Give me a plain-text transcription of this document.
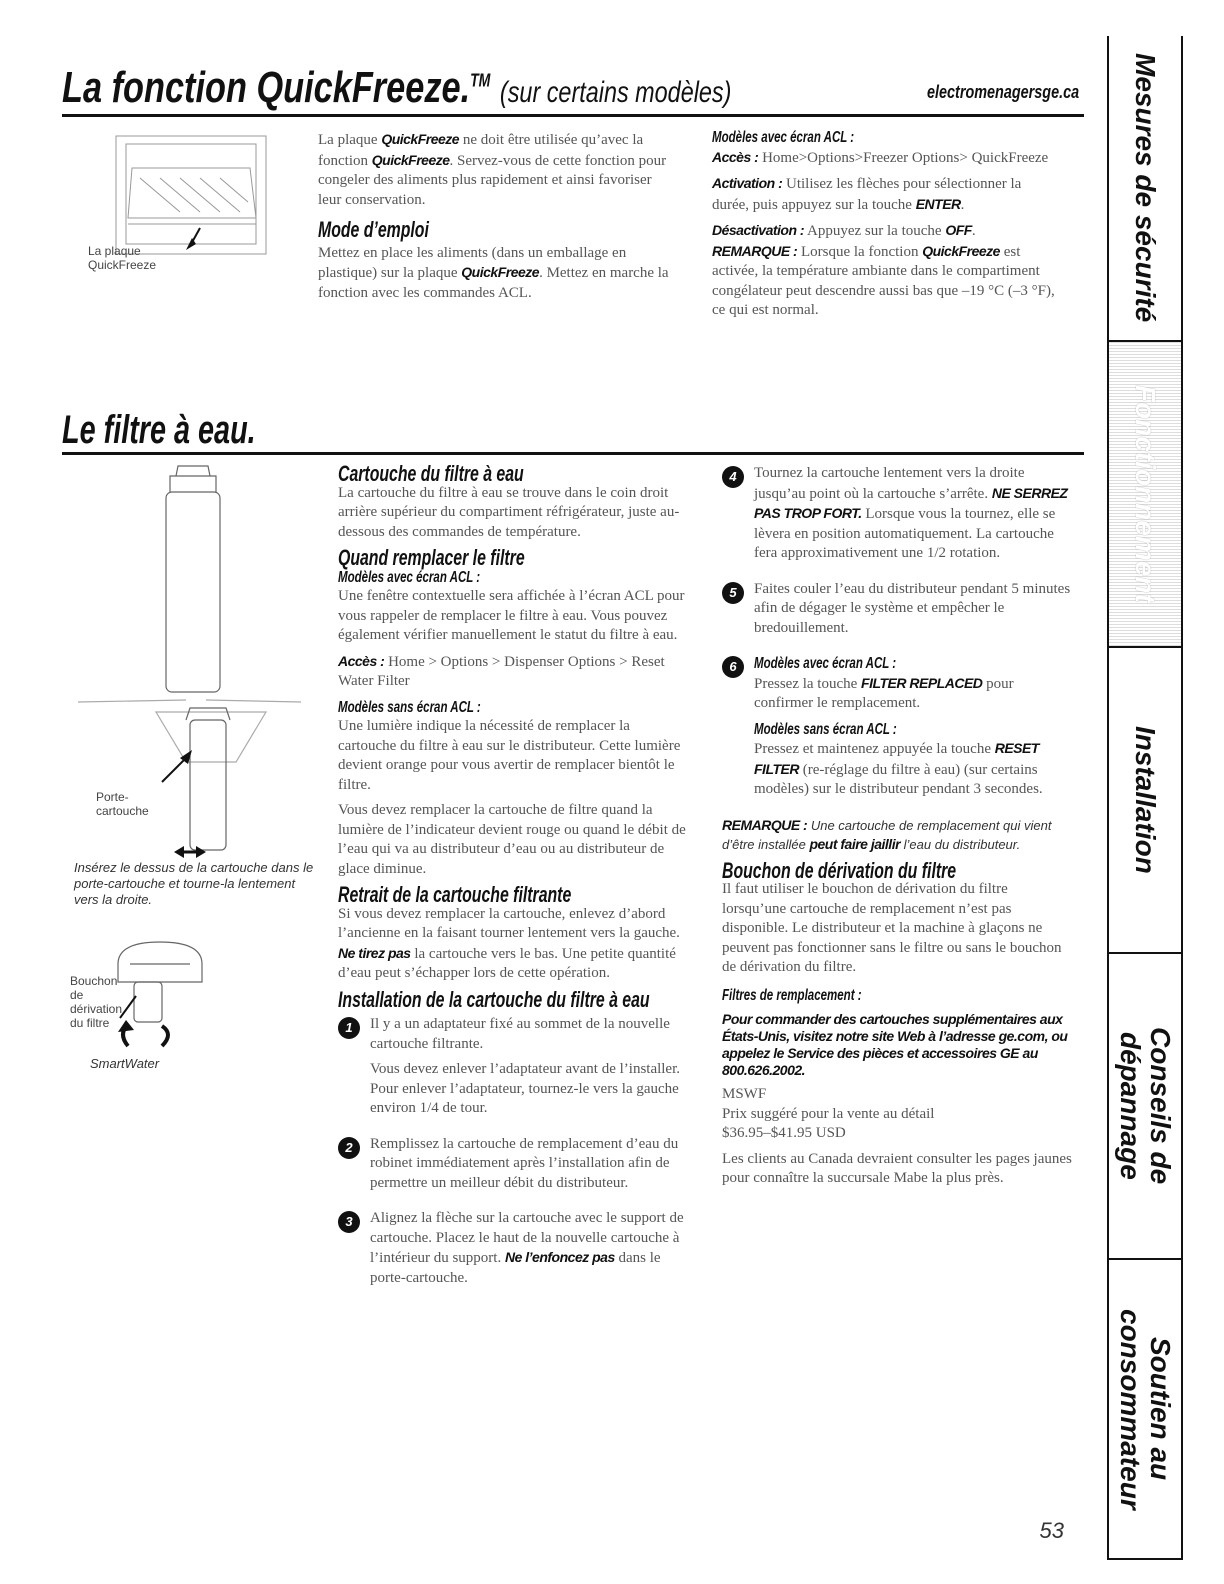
La fonction QuickFreeze.™ (sur certains modèles)	electromenagersge.ca
La plaque
QuickFreeze

La plaque QuickFreeze ne doit être utilisée qu’avec la fonction QuickFreeze. Servez-vous de cette fonction pour congeler des aliments plus rapidement et ainsi favoriser leur conservation.

Mode d’emploi

Mettez en place les aliments (dans un emballage en plastique) sur la plaque QuickFreeze. Mettez en marche la fonction avec les commandes ACL.

Modèles avec écran ACL :

Accès : Home>Options>Freezer Options> QuickFreeze

Activation : Utilisez les flèches pour sélectionner la durée, puis appuyez sur la touche ENTER.

Désactivation : Appuyez sur la touche OFF.

REMARQUE : Lorsque la fonction QuickFreeze est activée, la température ambiante dans le compartiment congélateur peut descendre aussi bas que –19 °C (–3 °F), ce qui est normal.

Le filtre à eau.
Porte-
cartouche
Insérez le dessus de la cartouche dans le porte-cartouche et tourne-la lentement vers la droite.
Bouchon
de
dérivation
du filtre
SmartWater
Cartouche du filtre à eau

La cartouche du filtre à eau se trouve dans le coin droit arrière supérieur du compartiment réfrigérateur, juste au-dessous des commandes de température.

Quand remplacer le filtre
Modèles avec écran ACL :

Une fenêtre contextuelle sera affichée à l’écran ACL pour vous rappeler de remplacer le filtre à eau. Vous pouvez également vérifier manuellement le statut du filtre à eau.

Accès : Home > Options > Dispenser Options > Reset Water Filter

Modèles sans écran ACL :

Une lumière indique la nécessité de remplacer la cartouche du filtre à eau sur le distributeur. Cette lumière devient orange pour vous avertir de remplacer bientôt le filtre.

Vous devez remplacer la cartouche de filtre quand la lumière de l’indicateur devient rouge ou quand le débit de l’eau qui va au distributeur d’eau ou au distributeur de glace diminue.

Retrait de la cartouche filtrante

Si vous devez remplacer la cartouche, enlevez d’abord l’ancienne en la faisant tourner lentement vers la gauche. Ne tirez pas la cartouche vers le bas. Une petite quantité d’eau peut s’échapper lors de cette opération.

Installation de la cartouche du filtre à eau
1	Il y a un adaptateur fixé au sommet de la nouvelle cartouche filtrante.

Vous devez enlever l’adaptateur avant de l’installer. Pour enlever l’adaptateur, tournez-le vers la gauche environ 1/4 de tour.

2	Remplissez la cartouche de remplacement d’eau du robinet immédiatement après l’installation afin de permettre un meilleur débit du distributeur.

3	Alignez la flèche sur la cartouche avec le support de cartouche. Placez le haut de la nouvelle cartouche à l’intérieur du support. Ne l’enfoncez pas dans le porte-cartouche.

4	Tournez la cartouche lentement vers la droite jusqu’au point où la cartouche s’arrête. NE SERREZ PAS TROP FORT. Lorsque vous la tournez, elle se lèvera en position automatiquement. La cartouche fera approximativement une 1/2 rotation.

5	Faites couler l’eau du distributeur pendant 5 minutes afin de dégager le système et empêcher le bredouillement.

6	Modèles avec écran ACL :

Pressez la touche FILTER REPLACED pour confirmer le remplacement.

Modèles sans écran ACL :

Pressez et maintenez appuyée la touche RESET FILTER (re-réglage du filtre à eau) (sur certains modèles) sur le distributeur pendant 3 secondes.

REMARQUE : Une cartouche de remplacement qui vient d’être installée peut faire jaillir l’eau du distributeur.

Bouchon de dérivation du filtre

Il faut utiliser le bouchon de dérivation du filtre lorsqu’une cartouche de remplacement n’est pas disponible. Le distributeur et la machine à glaçons ne peuvent pas fonctionner sans le filtre ou sans le bouchon de dérivation du filtre.

Filtres de remplacement :

Pour commander des cartouches supplémentaires aux États-Unis, visitez notre site Web à l’adresse ge.com, ou appelez le Service des pièces et accessoires GE au 800.626.2002.

MSWF

Prix suggéré pour la vente au détail

$36.95–$41.95 USD

Les clients au Canada devraient consulter les pages jaunes pour connaître la succursale Mabe la plus près.

Mesures de sécurité
Fonctionnement
Installation
Conseils de dépannage
Soutien au consommateur
53
